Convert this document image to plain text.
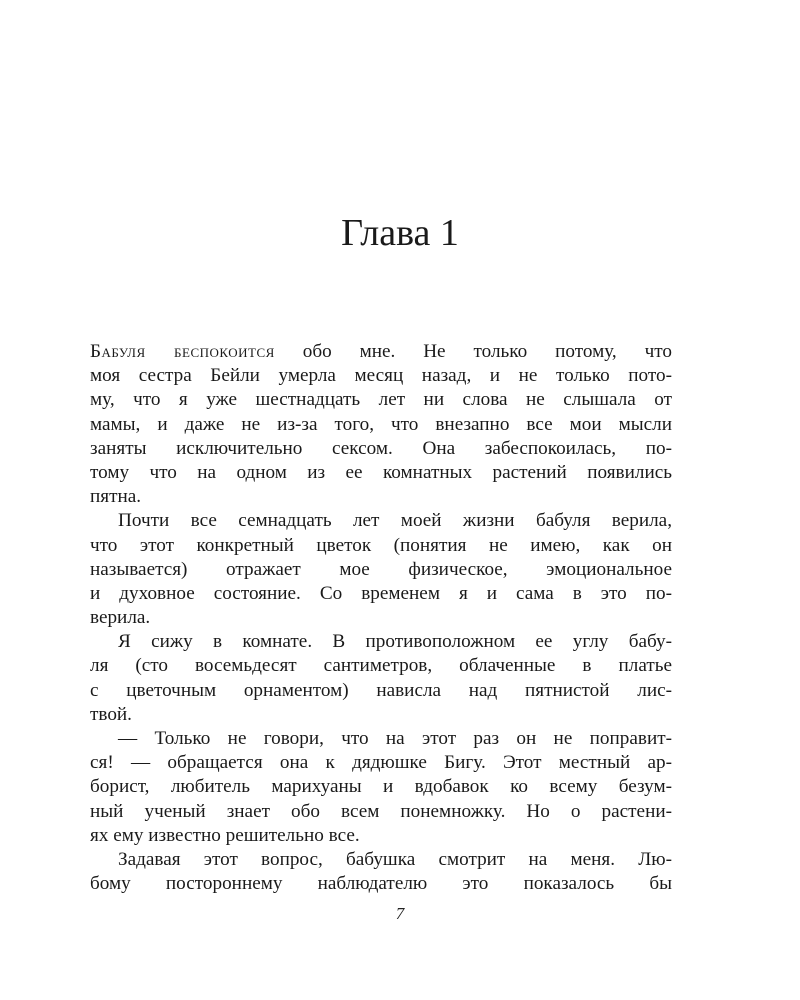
Глава 1
Бабуля беспокоится обо мне. Не только потому, что
моя сестра Бейли умерла месяц назад, и не только пото-
му, что я уже шестнадцать лет ни слова не слышала от
мамы, и даже не из-за того, что внезапно все мои мысли
заняты исключительно сексом. Она забеспокоилась, по-
тому что на одном из ее комнатных растений появились
пятна.
Почти все семнадцать лет моей жизни бабуля верила,
что этот конкретный цветок (понятия не имею, как он
называется) отражает мое физическое, эмоциональное
и духовное состояние. Со временем я и сама в это по-
верила.
Я сижу в комнате. В противоположном ее углу бабу-
ля (сто восемьдесят сантиметров, облаченные в платье
с цветочным орнаментом) нависла над пятнистой лис-
твой.
— Только не говори, что на этот раз он не поправит-
ся! — обращается она к дядюшке Бигу. Этот местный ар-
борист, любитель марихуаны и вдобавок ко всему безум-
ный ученый знает обо всем понемножку. Но о растени-
ях ему известно решительно все.
Задавая этот вопрос, бабушка смотрит на меня. Лю-
бому постороннему наблюдателю это показалось бы
7
